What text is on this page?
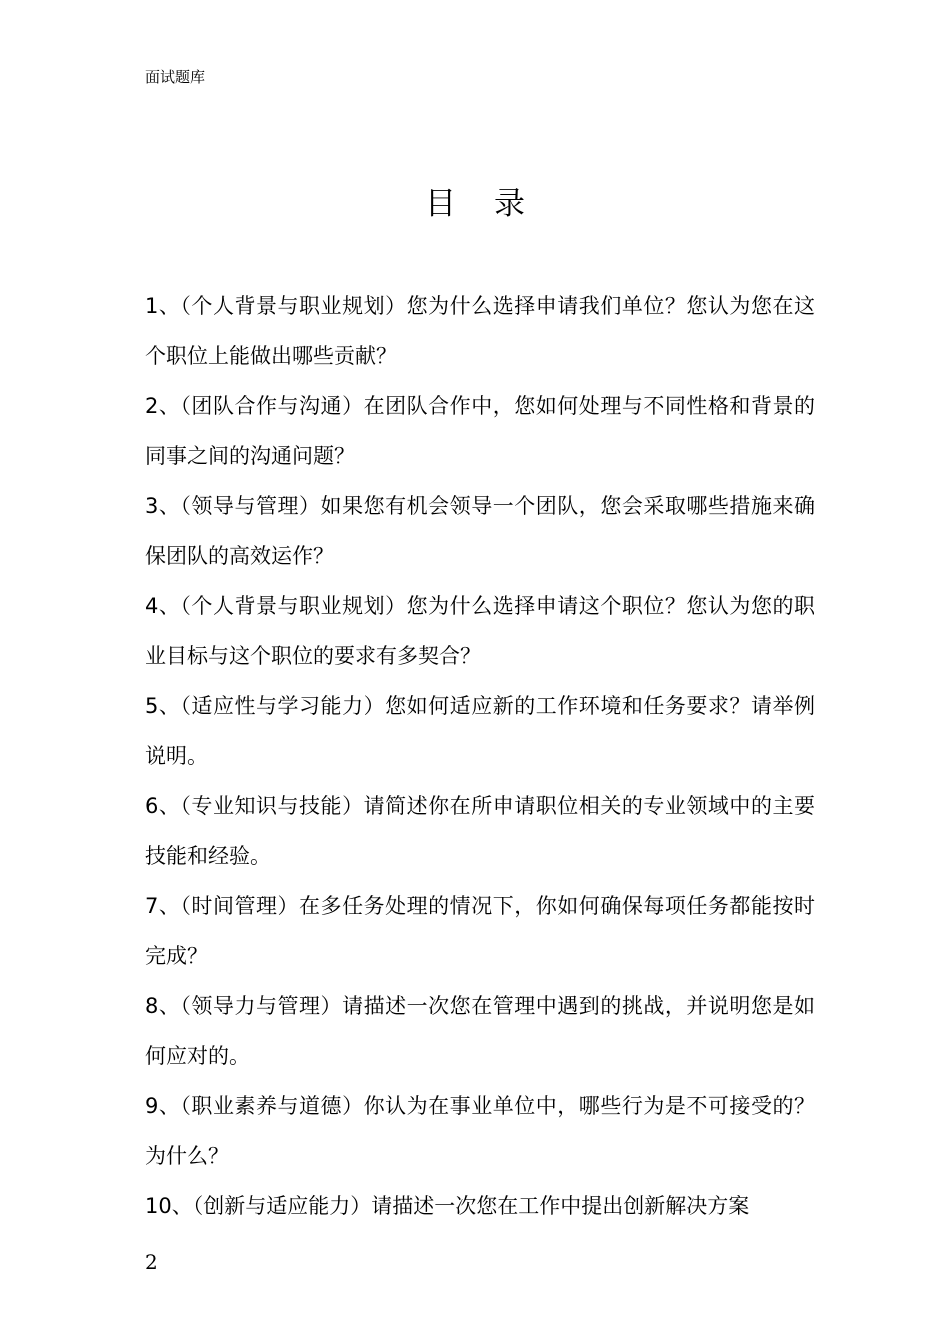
面试题库
目录
1、（个人背景与职业规划）您为什么选择申请我们单位？您认为您在这个职位上能做出哪些贡献？
2、（团队合作与沟通）在团队合作中，您如何处理与不同性格和背景的同事之间的沟通问题？
3、（领导与管理）如果您有机会领导一个团队，您会采取哪些措施来确保团队的高效运作？
4、（个人背景与职业规划）您为什么选择申请这个职位？您认为您的职业目标与这个职位的要求有多契合？
5、（适应性与学习能力）您如何适应新的工作环境和任务要求？请举例说明。
6、（专业知识与技能）请简述你在所申请职位相关的专业领域中的主要技能和经验。
7、（时间管理）在多任务处理的情况下，你如何确保每项任务都能按时完成？
8、（领导力与管理）请描述一次您在管理中遇到的挑战，并说明您是如何应对的。
9、（职业素养与道德）你认为在事业单位中，哪些行为是不可接受的？为什么？
10、（创新与适应能力）请描述一次您在工作中提出创新解决方案
2
